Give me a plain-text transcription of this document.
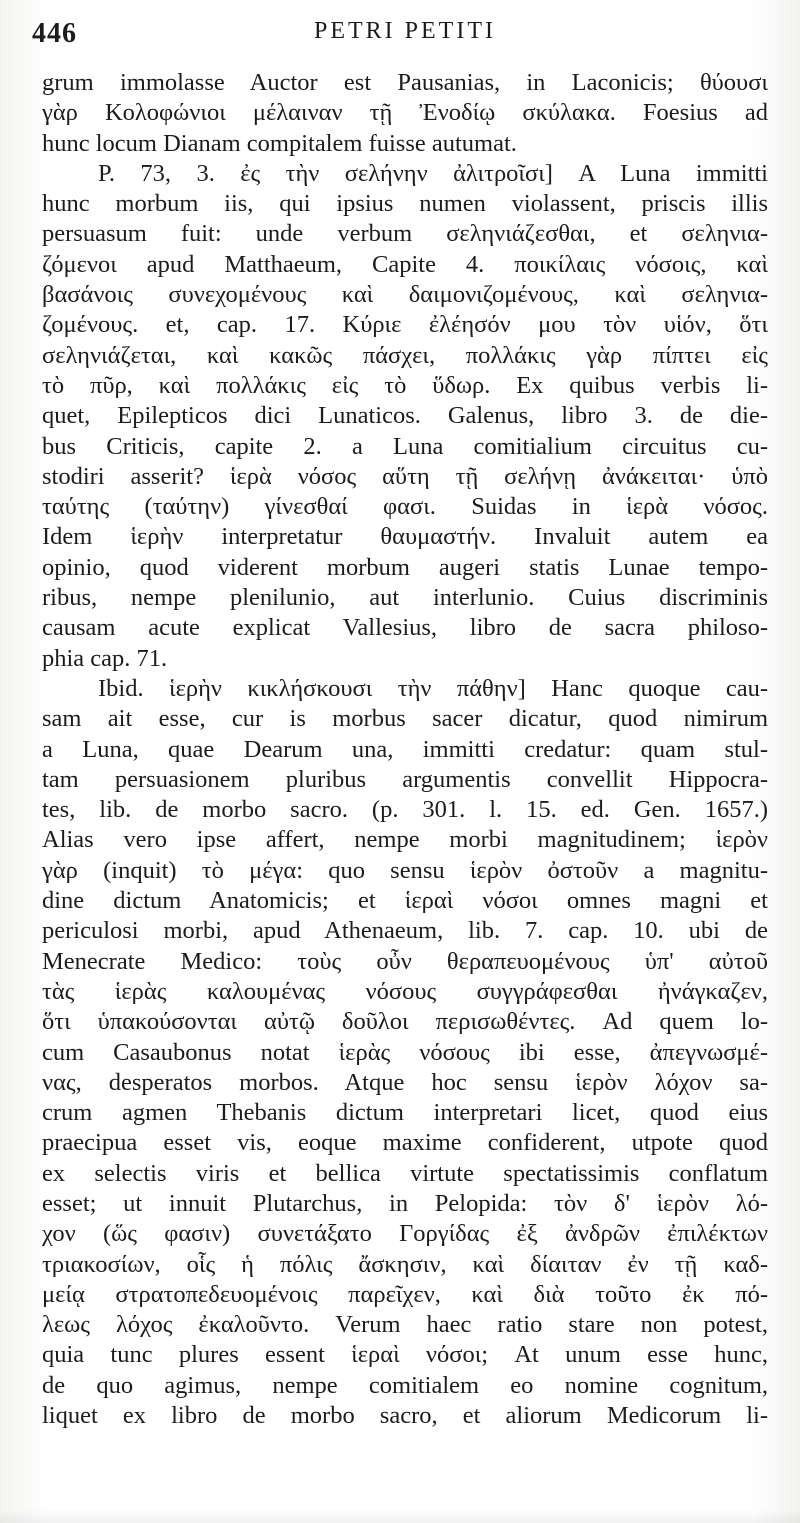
446	PETRI PETITI
grum immolasse Auctor est Pausanias, in Laconicis; θύουσι
γὰρ Κολοφώνιοι μέλαιναν τῇ Ἐνοδίῳ σκύλακα. Foesius ad
hunc locum Dianam compitalem fuisse autumat.
P. 73, 3. ἐς τὴν σελήνην ἀλιτροῖσι] A Luna immitti
hunc morbum iis, qui ipsius numen violassent, priscis illis
persuasum fuit: unde verbum σεληνιάζεσθαι, et σεληνια-
ζόμενοι apud Matthaeum, Capite 4. ποικίλαις νόσοις, καὶ
βασάνοις συνεχομένους καὶ δαιμονιζομένους, καὶ σεληνια-
ζομένους. et, cap. 17. Κύριε ἐλέησόν μου τὸν υἱόν, ὅτι
σεληνιάζεται, καὶ κακῶς πάσχει, πολλάκις γὰρ πίπτει εἰς
τὸ πῦρ, καὶ πολλάκις εἰς τὸ ὕδωρ. Ex quibus verbis li-
quet, Epilepticos dici Lunaticos. Galenus, libro 3. de die-
bus Criticis, capite 2. a Luna comitialium circuitus cu-
stodiri asserit? ἱερὰ νόσος αὕτη τῇ σελήνῃ ἀνάκειται· ὑπὸ
ταύτης (ταύτην) γίνεσθαί φασι. Suidas in ἱερὰ νόσος.
Idem ἱερὴν interpretatur θαυμαστήν. Invaluit autem ea
opinio, quod viderent morbum augeri statis Lunae tempo-
ribus, nempe plenilunio, aut interlunio. Cuius discriminis
causam acute explicat Vallesius, libro de sacra philoso-
phia cap. 71.
Ibid. ἱερὴν κικλήσκουσι τὴν πάθην] Hanc quoque cau-
sam ait esse, cur is morbus sacer dicatur, quod nimirum
a Luna, quae Dearum una, immitti credatur: quam stul-
tam persuasionem pluribus argumentis convellit Hippocra-
tes, lib. de morbo sacro. (p. 301. l. 15. ed. Gen. 1657.)
Alias vero ipse affert, nempe morbi magnitudinem; ἱερὸν
γὰρ (inquit) τὸ μέγα: quo sensu ἱερὸν ὀστοῦν a magnitu-
dine dictum Anatomicis; et ἱεραὶ νόσοι omnes magni et
periculosi morbi, apud Athenaeum, lib. 7. cap. 10. ubi de
Menecrate Medico: τοὺς οὖν θεραπευομένους ὑπ' αὐτοῦ
τὰς ἱερὰς καλουμένας νόσους συγγράφεσθαι ἠνάγκαζεν,
ὅτι ὑπακούσονται αὐτῷ δοῦλοι περισωθέντες. Ad quem lo-
cum Casaubonus notat ἱερὰς νόσους ibi esse, ἀπεγνωσμέ-
νας, desperatos morbos. Atque hoc sensu ἱερὸν λόχον sa-
crum agmen Thebanis dictum interpretari licet, quod eius
praecipua esset vis, eoque maxime confiderent, utpote quod
ex selectis viris et bellica virtute spectatissimis conflatum
esset; ut innuit Plutarchus, in Pelopida: τὸν δ' ἱερὸν λό-
χον (ὥς φασιν) συνετάξατο Γοργίδας ἐξ ἀνδρῶν ἐπιλέκτων
τριακοσίων, οἷς ἡ πόλις ἄσκησιν, καὶ δίαιταν ἐν τῇ καδ-
μείᾳ στρατοπεδευομένοις παρεῖχεν, καὶ διὰ τοῦτο ἐκ πό-
λεως λόχος ἐκαλοῦντο. Verum haec ratio stare non potest,
quia tunc plures essent ἱεραὶ νόσοι; At unum esse hunc,
de quo agimus, nempe comitialem eo nomine cognitum,
liquet ex libro de morbo sacro, et aliorum Medicorum li-
